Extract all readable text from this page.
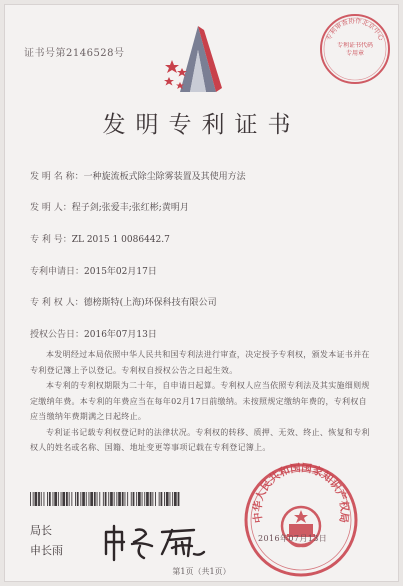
证书号第2146528号
专利审查协作北京中心
专利证书代码专用章
发明专利证书
发 明 名 称：一种旋流板式除尘除雾装置及其使用方法
发 明 人：程子剑;张爱丰;张红彬;黄明月
专 利 号：ZL 2015 1 0086442.7
专利申请日：2015年02月17日
专 利 权 人：德榜斯特(上海)环保科技有限公司
授权公告日：2016年07月13日

本发明经过本局依照中华人民共和国专利法进行审查，决定授予专利权，颁发本证书并在专利登记簿上予以登记。专利权自授权公告之日起生效。

本专利的专利权期限为二十年，自申请日起算。专利权人应当依照专利法及其实施细则规定缴纳年费。本专利的年费应当在每年02月17日前缴纳。未按照规定缴纳年费的，专利权自应当缴纳年费期满之日起终止。

专利证书记载专利权登记时的法律状况。专利权的转移、质押、无效、终止、恢复和专利权人的姓名或名称、国籍、地址变更等事项记载在专利登记簿上。

局长
申长雨
中华人民共和国国家知识产权局
2016年07月13日
第1页（共1页）
